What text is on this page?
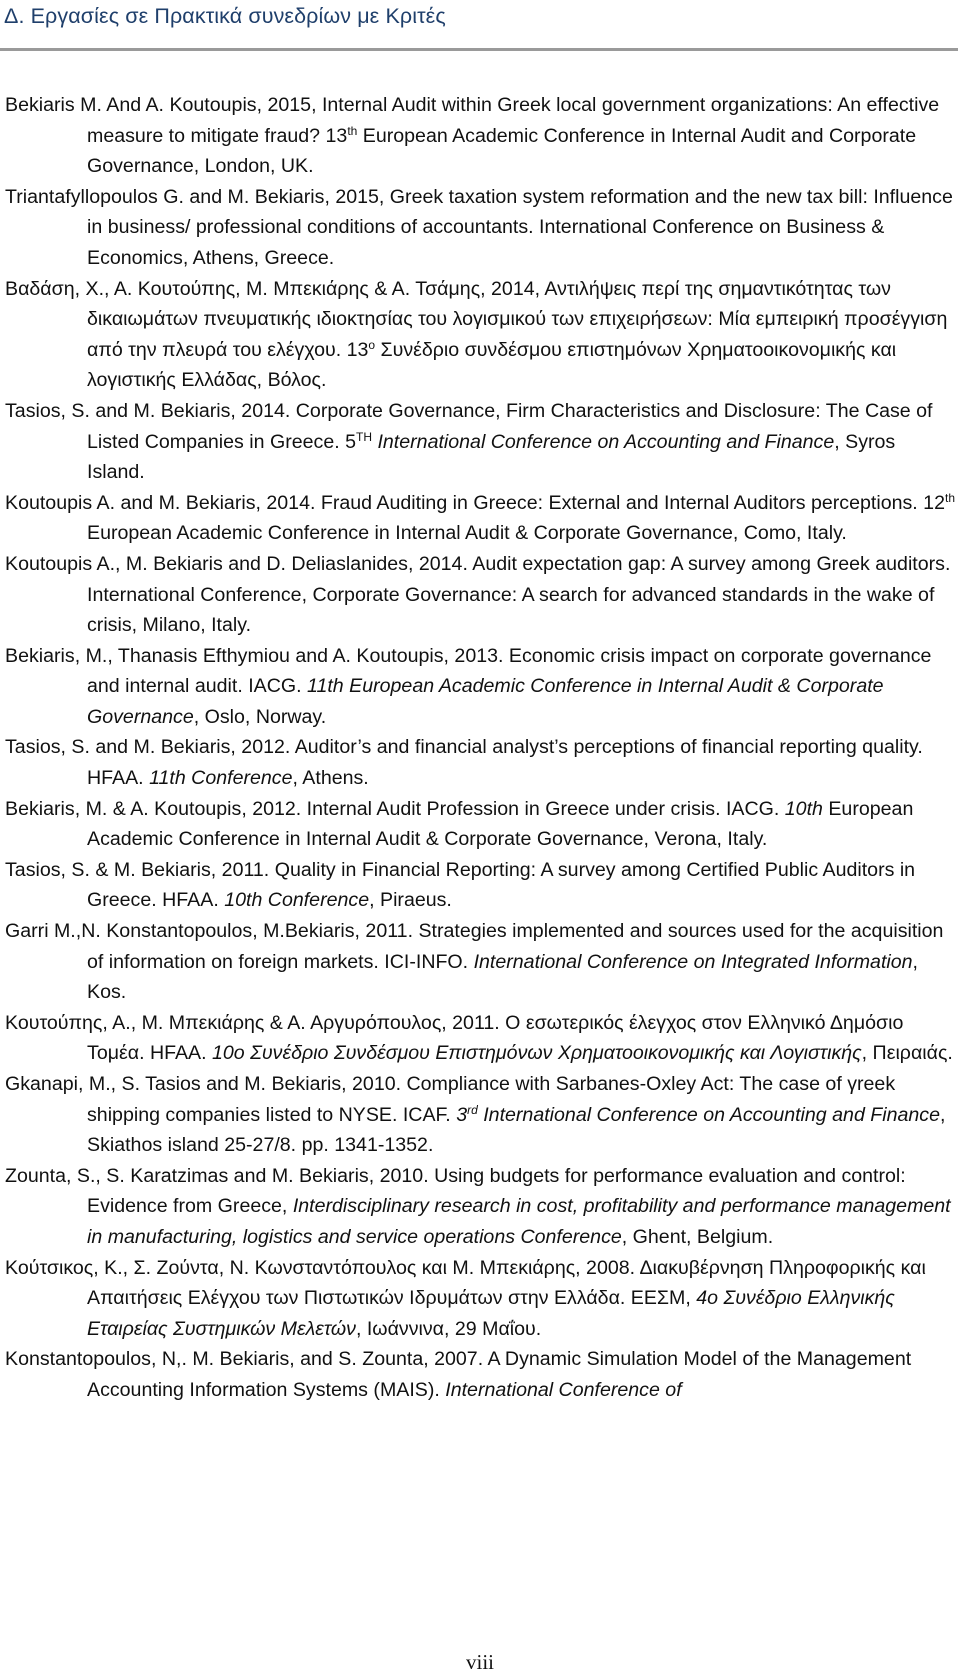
Δ. Εργασίες σε Πρακτικά συνεδρίων με Κριτές
Bekiaris M. And A. Koutoupis, 2015, Internal Audit within Greek local government organizations: An effective measure to mitigate fraud? 13th European Academic Conference in Internal Audit and Corporate Governance, London, UK.
Triantafyllopoulos G. and M. Bekiaris, 2015, Greek taxation system reformation and the new tax bill: Influence in business/ professional conditions of accountants. International Conference on Business & Economics, Athens, Greece.
Βαδάση, Χ., Α. Κουτούπης, Μ. Μπεκιάρης & Α. Τσάμης, 2014, Αντιλήψεις περί της σημαντικότητας των δικαιωμάτων πνευματικής ιδιοκτησίας του λογισμικού των επιχειρήσεων: Μία εμπειρική προσέγγιση από την πλευρά του ελέγχου. $13^o$ Συνέδριο συνδέσμου επιστημόνων Χρηματοοικονομικής και λογιστικής Ελλάδας, Βόλος.
Tasios, S. and M. Bekiaris, 2014. Corporate Governance, Firm Characteristics and Disclosure: The Case of Listed Companies in Greece. 5TH International Conference on Accounting and Finance, Syros Island.
Koutoupis A. and M. Bekiaris, 2014. Fraud Auditing in Greece: External and Internal Auditors perceptions. 12th European Academic Conference in Internal Audit & Corporate Governance, Como, Italy.
Koutoupis A., M. Bekiaris and D. Deliaslanides, 2014. Audit expectation gap: A survey among Greek auditors. International Conference, Corporate Governance: A search for advanced standards in the wake of crisis, Milano, Italy.
Bekiaris, M., Thanasis Efthymiou and A. Koutoupis, 2013. Economic crisis impact on corporate governance and internal audit. IACG. 11th European Academic Conference in Internal Audit & Corporate Governance, Oslo, Norway.
Tasios, S. and M. Bekiaris, 2012. Auditor’s and financial analyst’s perceptions of financial reporting quality. HFAA. 11th Conference, Athens.
Bekiaris, M. & A. Koutoupis, 2012. Internal Audit Profession in Greece under crisis. IACG. 10th European Academic Conference in Internal Audit & Corporate Governance, Verona, Italy.
Tasios, S. & M. Bekiaris, 2011. Quality in Financial Reporting: A survey among Certified Public Auditors in Greece. HFAA. 10th Conference, Piraeus.
Garri M.,N. Konstantopoulos, M.Bekiaris, 2011. Strategies implemented and sources used for the acquisition of information on foreign markets. ICI-INFO. International Conference on Integrated Information, Kos.
Κουτούπης, Α., Μ. Μπεκιάρης & Α. Αργυρόπουλος, 2011. Ο εσωτερικός έλεγχος στον Ελληνικό Δημόσιο Τομέα. HFAA. 10ο Συνέδριο Συνδέσμου Επιστημόνων Χρηματοοικονομικής και Λογιστικής, Πειραιάς.
Gkanapi, M., S. Tasios and M. Bekiaris, 2010. Compliance with Sarbanes-Oxley Act: The case of γreek shipping companies listed to NYSE. ICAF. 3rd International Conference on Accounting and Finance, Skiathos island 25-27/8. pp. 1341-1352.
Zounta, S., S. Karatzimas and M. Bekiaris, 2010. Using budgets for performance evaluation and control: Evidence from Greece, Interdisciplinary research in cost, profitability and performance management in manufacturing, logistics and service operations Conference, Ghent, Belgium.
Κούτσικος, Κ., Σ. Ζούντα, Ν. Κωνσταντόπουλος και Μ. Μπεκιάρης, 2008. Διακυβέρνηση Πληροφορικής και Απαιτήσεις Ελέγχου των Πιστωτικών Ιδρυμάτων στην Ελλάδα. ΕΕΣΜ, 4ο Συνέδριο Ελληνικής Εταιρείας Συστημικών Μελετών, Ιωάννινα, 29 Μαΐου.
Konstantopoulos, N,. M. Bekiaris, and S. Zounta, 2007. A Dynamic Simulation Model of the Management Accounting Information Systems (MAIS). International Conference of
viii
